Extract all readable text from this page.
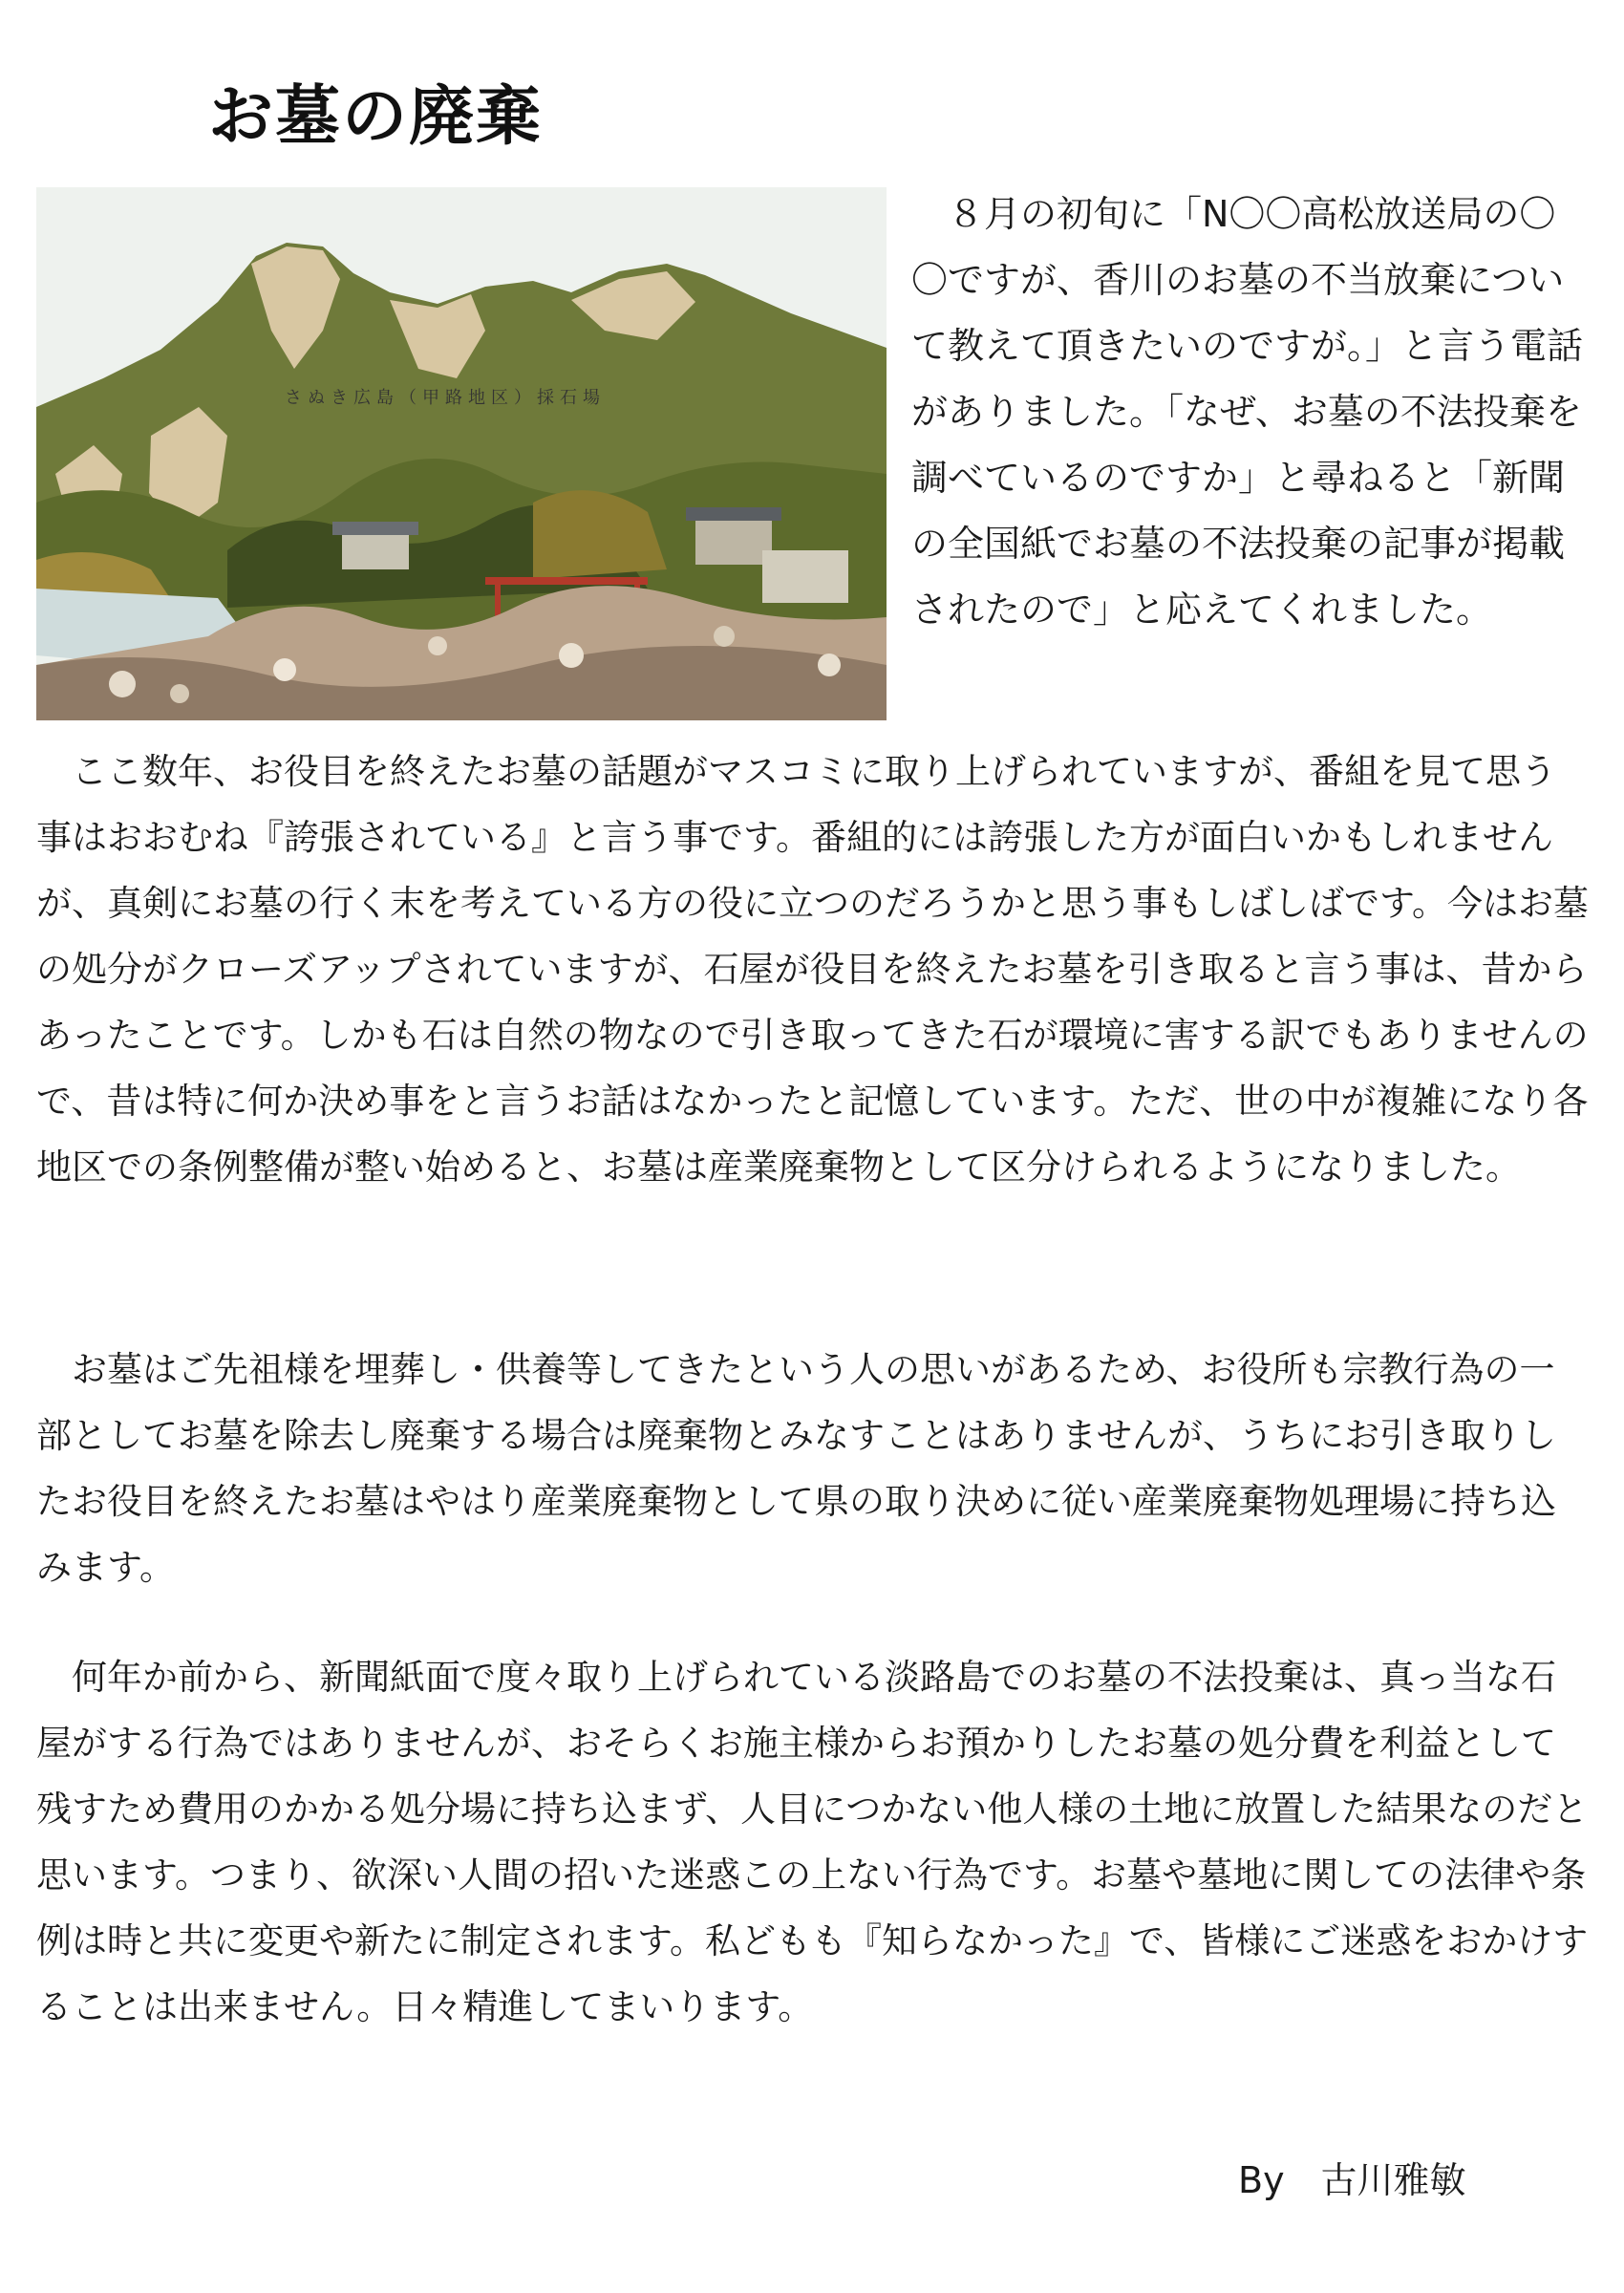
お墓の廃棄
さぬき広島（甲路地区）採石場

８月の初旬に「N〇〇高松放送局の〇〇ですが、香川のお墓の不当放棄について教えて頂きたいのですが。」と言う電話がありました。「なぜ、お墓の不法投棄を調べているのですか」と尋ねると「新聞の全国紙でお墓の不法投棄の記事が掲載されたので」と応えてくれました。

ここ数年、お役目を終えたお墓の話題がマスコミに取り上げられていますが、番組を見て思う事はおおむね『誇張されている』と言う事です。番組的には誇張した方が面白いかもしれませんが、真剣にお墓の行く末を考えている方の役に立つのだろうかと思う事もしばしばです。今はお墓の処分がクローズアップされていますが、石屋が役目を終えたお墓を引き取ると言う事は、昔からあったことです。しかも石は自然の物なので引き取ってきた石が環境に害する訳でもありませんので、昔は特に何か決め事をと言うお話はなかったと記憶しています。ただ、世の中が複雑になり各地区での条例整備が整い始めると、お墓は産業廃棄物として区分けられるようになりました。

お墓はご先祖様を埋葬し・供養等してきたという人の思いがあるため、お役所も宗教行為の一部としてお墓を除去し廃棄する場合は廃棄物とみなすことはありませんが、うちにお引き取りしたお役目を終えたお墓はやはり産業廃棄物として県の取り決めに従い産業廃棄物処理場に持ち込みます。

何年か前から、新聞紙面で度々取り上げられている淡路島でのお墓の不法投棄は、真っ当な石屋がする行為ではありませんが、おそらくお施主様からお預かりしたお墓の処分費を利益として残すため費用のかかる処分場に持ち込まず、人目につかない他人様の土地に放置した結果なのだと思います。つまり、欲深い人間の招いた迷惑この上ない行為です。お墓や墓地に関しての法律や条例は時と共に変更や新たに制定されます。私どもも『知らなかった』で、皆様にご迷惑をおかけすることは出来ません。日々精進してまいります。

By　古川雅敏
